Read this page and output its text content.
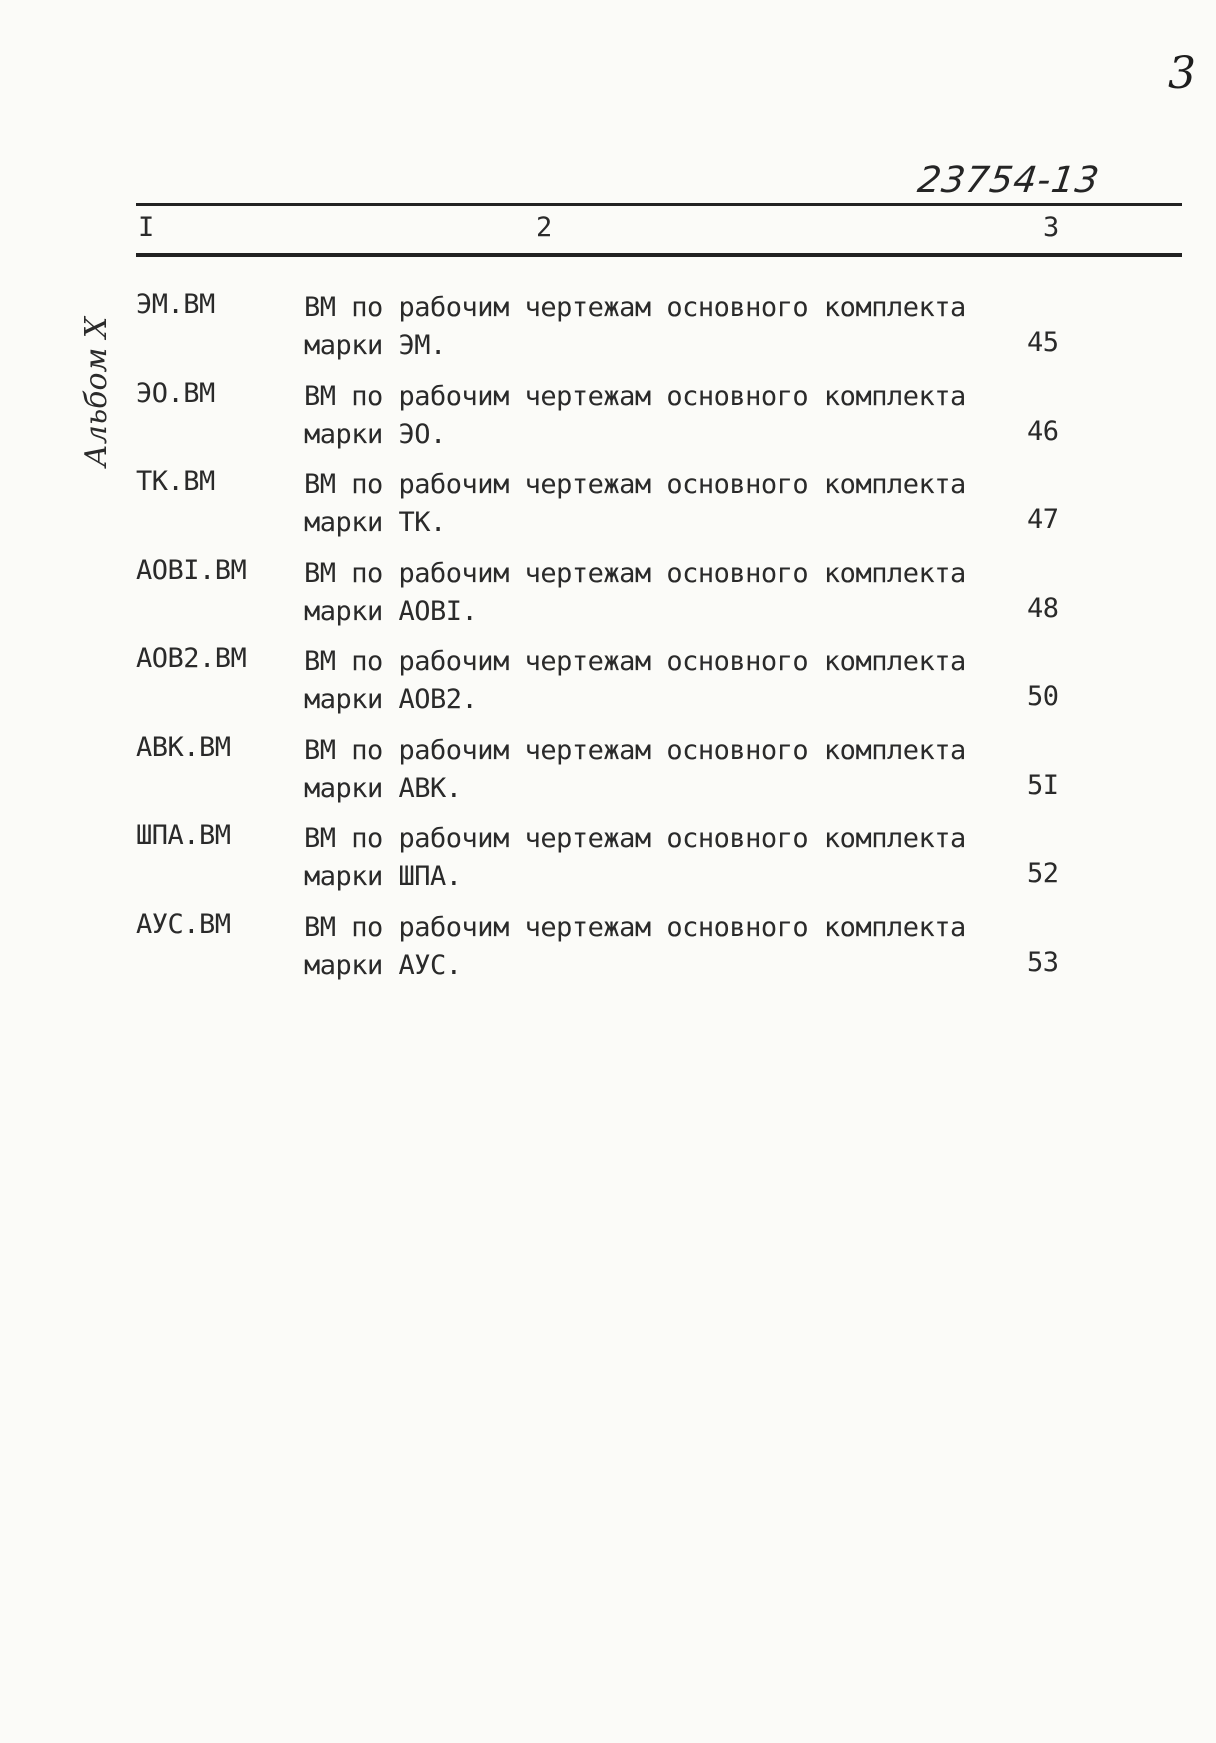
3
23754-13
Альбом X
I	2	3
ЭМ.ВМ	ВМ по рабочим чертежам основного комплекта
марки ЭМ.	45
ЭО.ВМ	ВМ по рабочим чертежам основного комплекта
марки ЭО.	46
ТК.ВМ	ВМ по рабочим чертежам основного комплекта
марки ТК.	47
АОВI.ВМ ВМ по рабочим чертежам основного комплекта
марки АОВI.	48
АОВ2.ВМ ВМ по рабочим чертежам основного комплекта
марки АОВ2.	50
АВК.ВМ	ВМ по рабочим чертежам основного комплекта
марки АВК.	5I
ШПА.ВМ	ВМ по рабочим чертежам основного комплекта
марки ШПА.	52
АУС.ВМ	ВМ по рабочим чертежам основного комплекта
марки АУС.	53
